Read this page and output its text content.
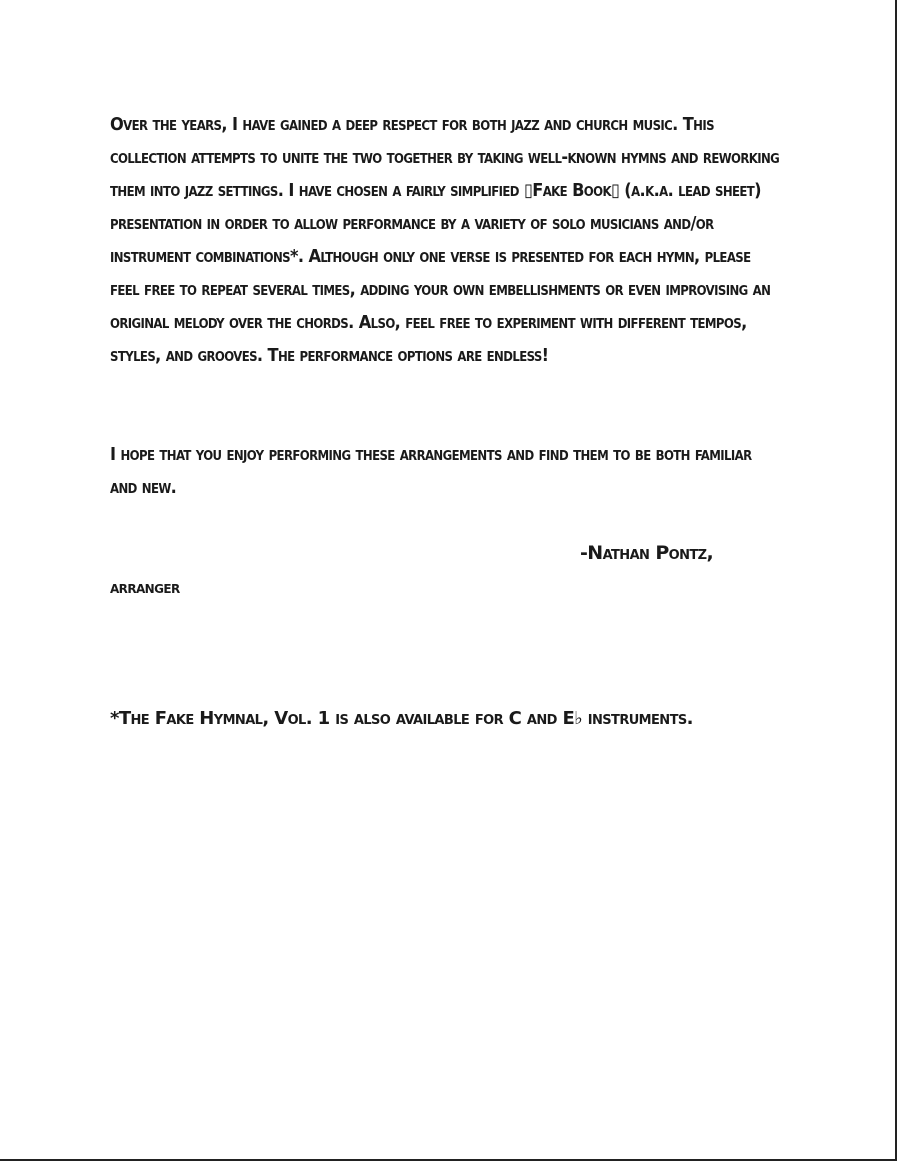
Over the years, I have gained a deep respect for both jazz and church music. This collection attempts to unite the two together by taking well-known hymns and reworking them into jazz settings. I have chosen a fairly simplified ▯Fake Book▯ (a.k.a. lead sheet) presentation in order to allow performance by a variety of solo musicians and/or instrument combinations*. Although only one verse is presented for each hymn, please feel free to repeat several times, adding your own embellishments or even improvising an original melody over the chords. Also, feel free to experiment with different tempos, styles, and grooves. The performance options are endless!

I hope that you enjoy performing these arrangements and find them to be both familiar and new.

-Nathan Pontz,
arranger
*The Fake Hymnal, Vol. 1 is also available for C and E♭ instruments.
